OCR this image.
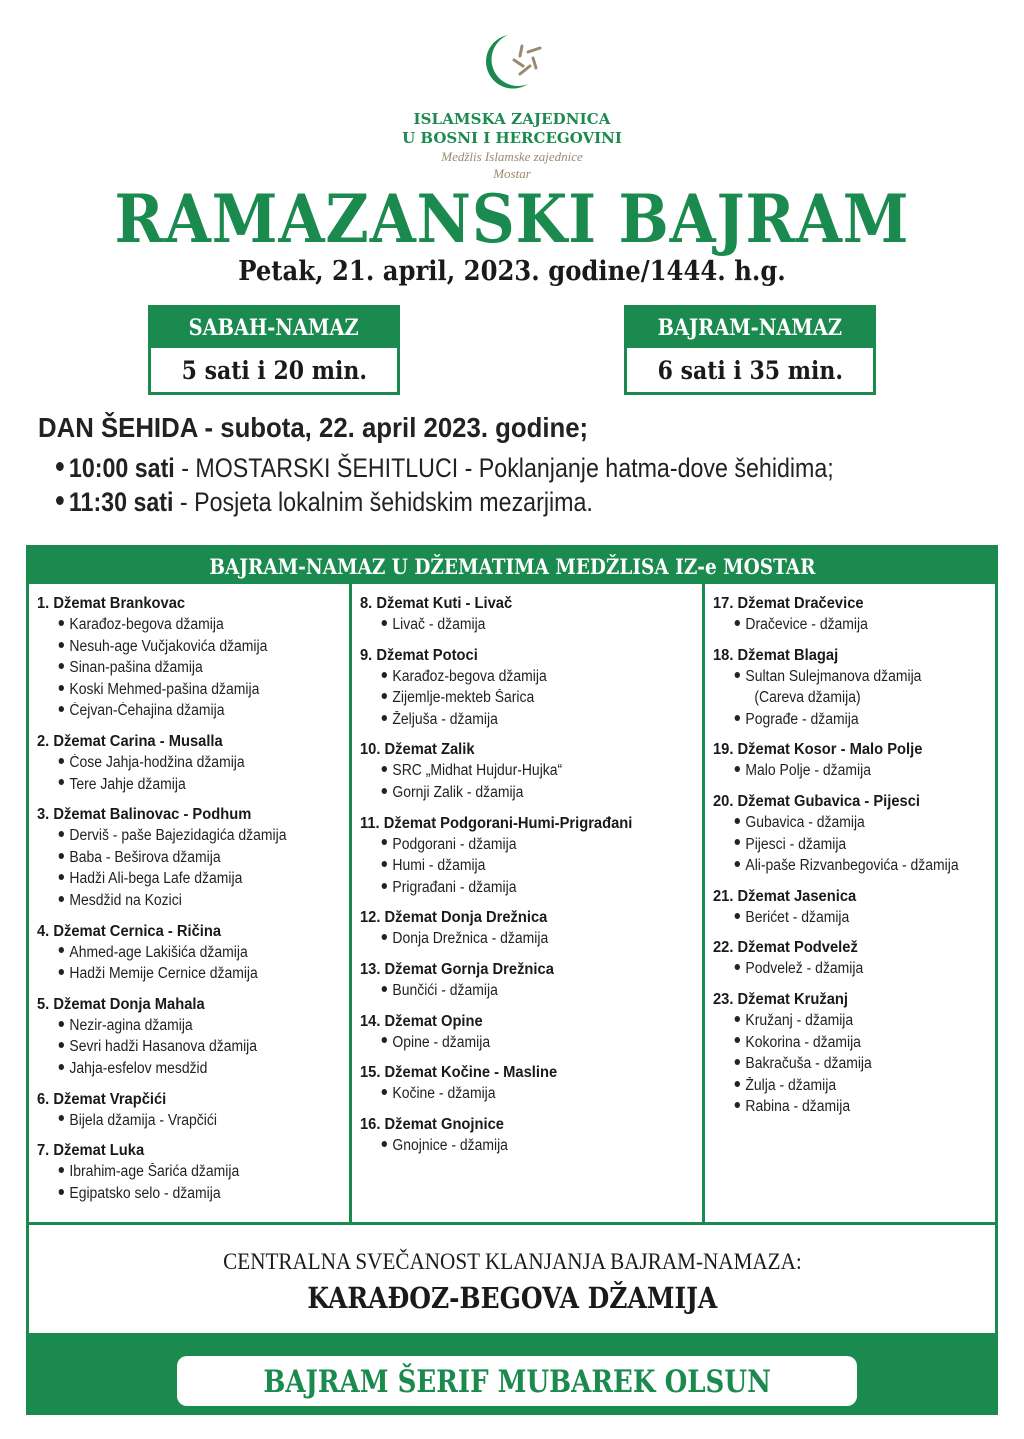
ISLAMSKA ZAJEDNICA
U BOSNI I HERCEGOVINI
Medžlis Islamske zajednice
Mostar
RAMAZANSKI BAJRAM
Petak, 21. april, 2023. godine/1444. h.g.
SABAH-NAMAZ
5 sati i 20 min.
BAJRAM-NAMAZ
6 sati i 35 min.
DAN ŠEHIDA - subota, 22. april 2023. godine;
10:00 sati - MOSTARSKI ŠEHITLUCI - Poklanjanje hatma-dove šehidima;
11:30 sati - Posjeta lokalnim šehidskim mezarjima.
BAJRAM-NAMAZ U DŽEMATIMA MEDŽLISA IZ-e MOSTAR
1. Džemat Brankovac
Karađoz-begova džamija
Nesuh-age Vučjakovića džamija
Sinan-pašina džamija
Koski Mehmed-pašina džamija
Ćejvan-Ćehajina džamija
2. Džemat Carina - Musalla
Ćose Jahja-hodžina džamija
Tere Jahje džamija
3. Džemat Balinovac - Podhum
Derviš - paše Bajezidagića džamija
Baba - Beširova džamija
Hadži Ali-bega Lafe džamija
Mesdžid na Kozici
4. Džemat Cernica - Ričina
Ahmed-age Lakišića džamija
Hadži Memije Cernice džamija
5. Džemat Donja Mahala
Nezir-agina džamija
Sevri hadži Hasanova džamija
Jahja-esfelov mesdžid
6. Džemat Vrapčići
Bijela džamija - Vrapčići
7. Džemat Luka
Ibrahim-age Šarića džamija
Egipatsko selo - džamija
8. Džemat Kuti - Livač
Livač - džamija
9. Džemat Potoci
Karađoz-begova džamija
Zijemlje-mekteb Šarica
Željuša - džamija
10. Džemat Zalik
SRC „Midhat Hujdur-Hujka“
Gornji Zalik - džamija
11. Džemat Podgorani-Humi-Prigrađani
Podgorani - džamija
Humi - džamija
Prigrađani - džamija
12. Džemat Donja Drežnica
Donja Drežnica - džamija
13. Džemat Gornja Drežnica
Bunčići - džamija
14. Džemat Opine
Opine - džamija
15. Džemat Kočine - Masline
Kočine - džamija
16. Džemat Gnojnice
Gnojnice - džamija
17. Džemat Dračevice
Dračevice - džamija
18. Džemat Blagaj
Sultan Sulejmanova džamija
(Careva džamija)
Pograđe - džamija
19. Džemat Kosor - Malo Polje
Malo Polje - džamija
20. Džemat Gubavica - Pijesci
Gubavica - džamija
Pijesci - džamija
Ali-paše Rizvanbegovića - džamija
21. Džemat Jasenica
Berićet - džamija
22. Džemat Podvelež
Podvelež - džamija
23. Džemat Kružanj
Kružanj - džamija
Kokorina - džamija
Bakračuša - džamija
Žulja - džamija
Rabina - džamija
CENTRALNA SVEČANOST KLANJANJA BAJRAM-NAMAZA:
KARAĐOZ-BEGOVA DŽAMIJA
BAJRAM ŠERIF MUBAREK OLSUN
